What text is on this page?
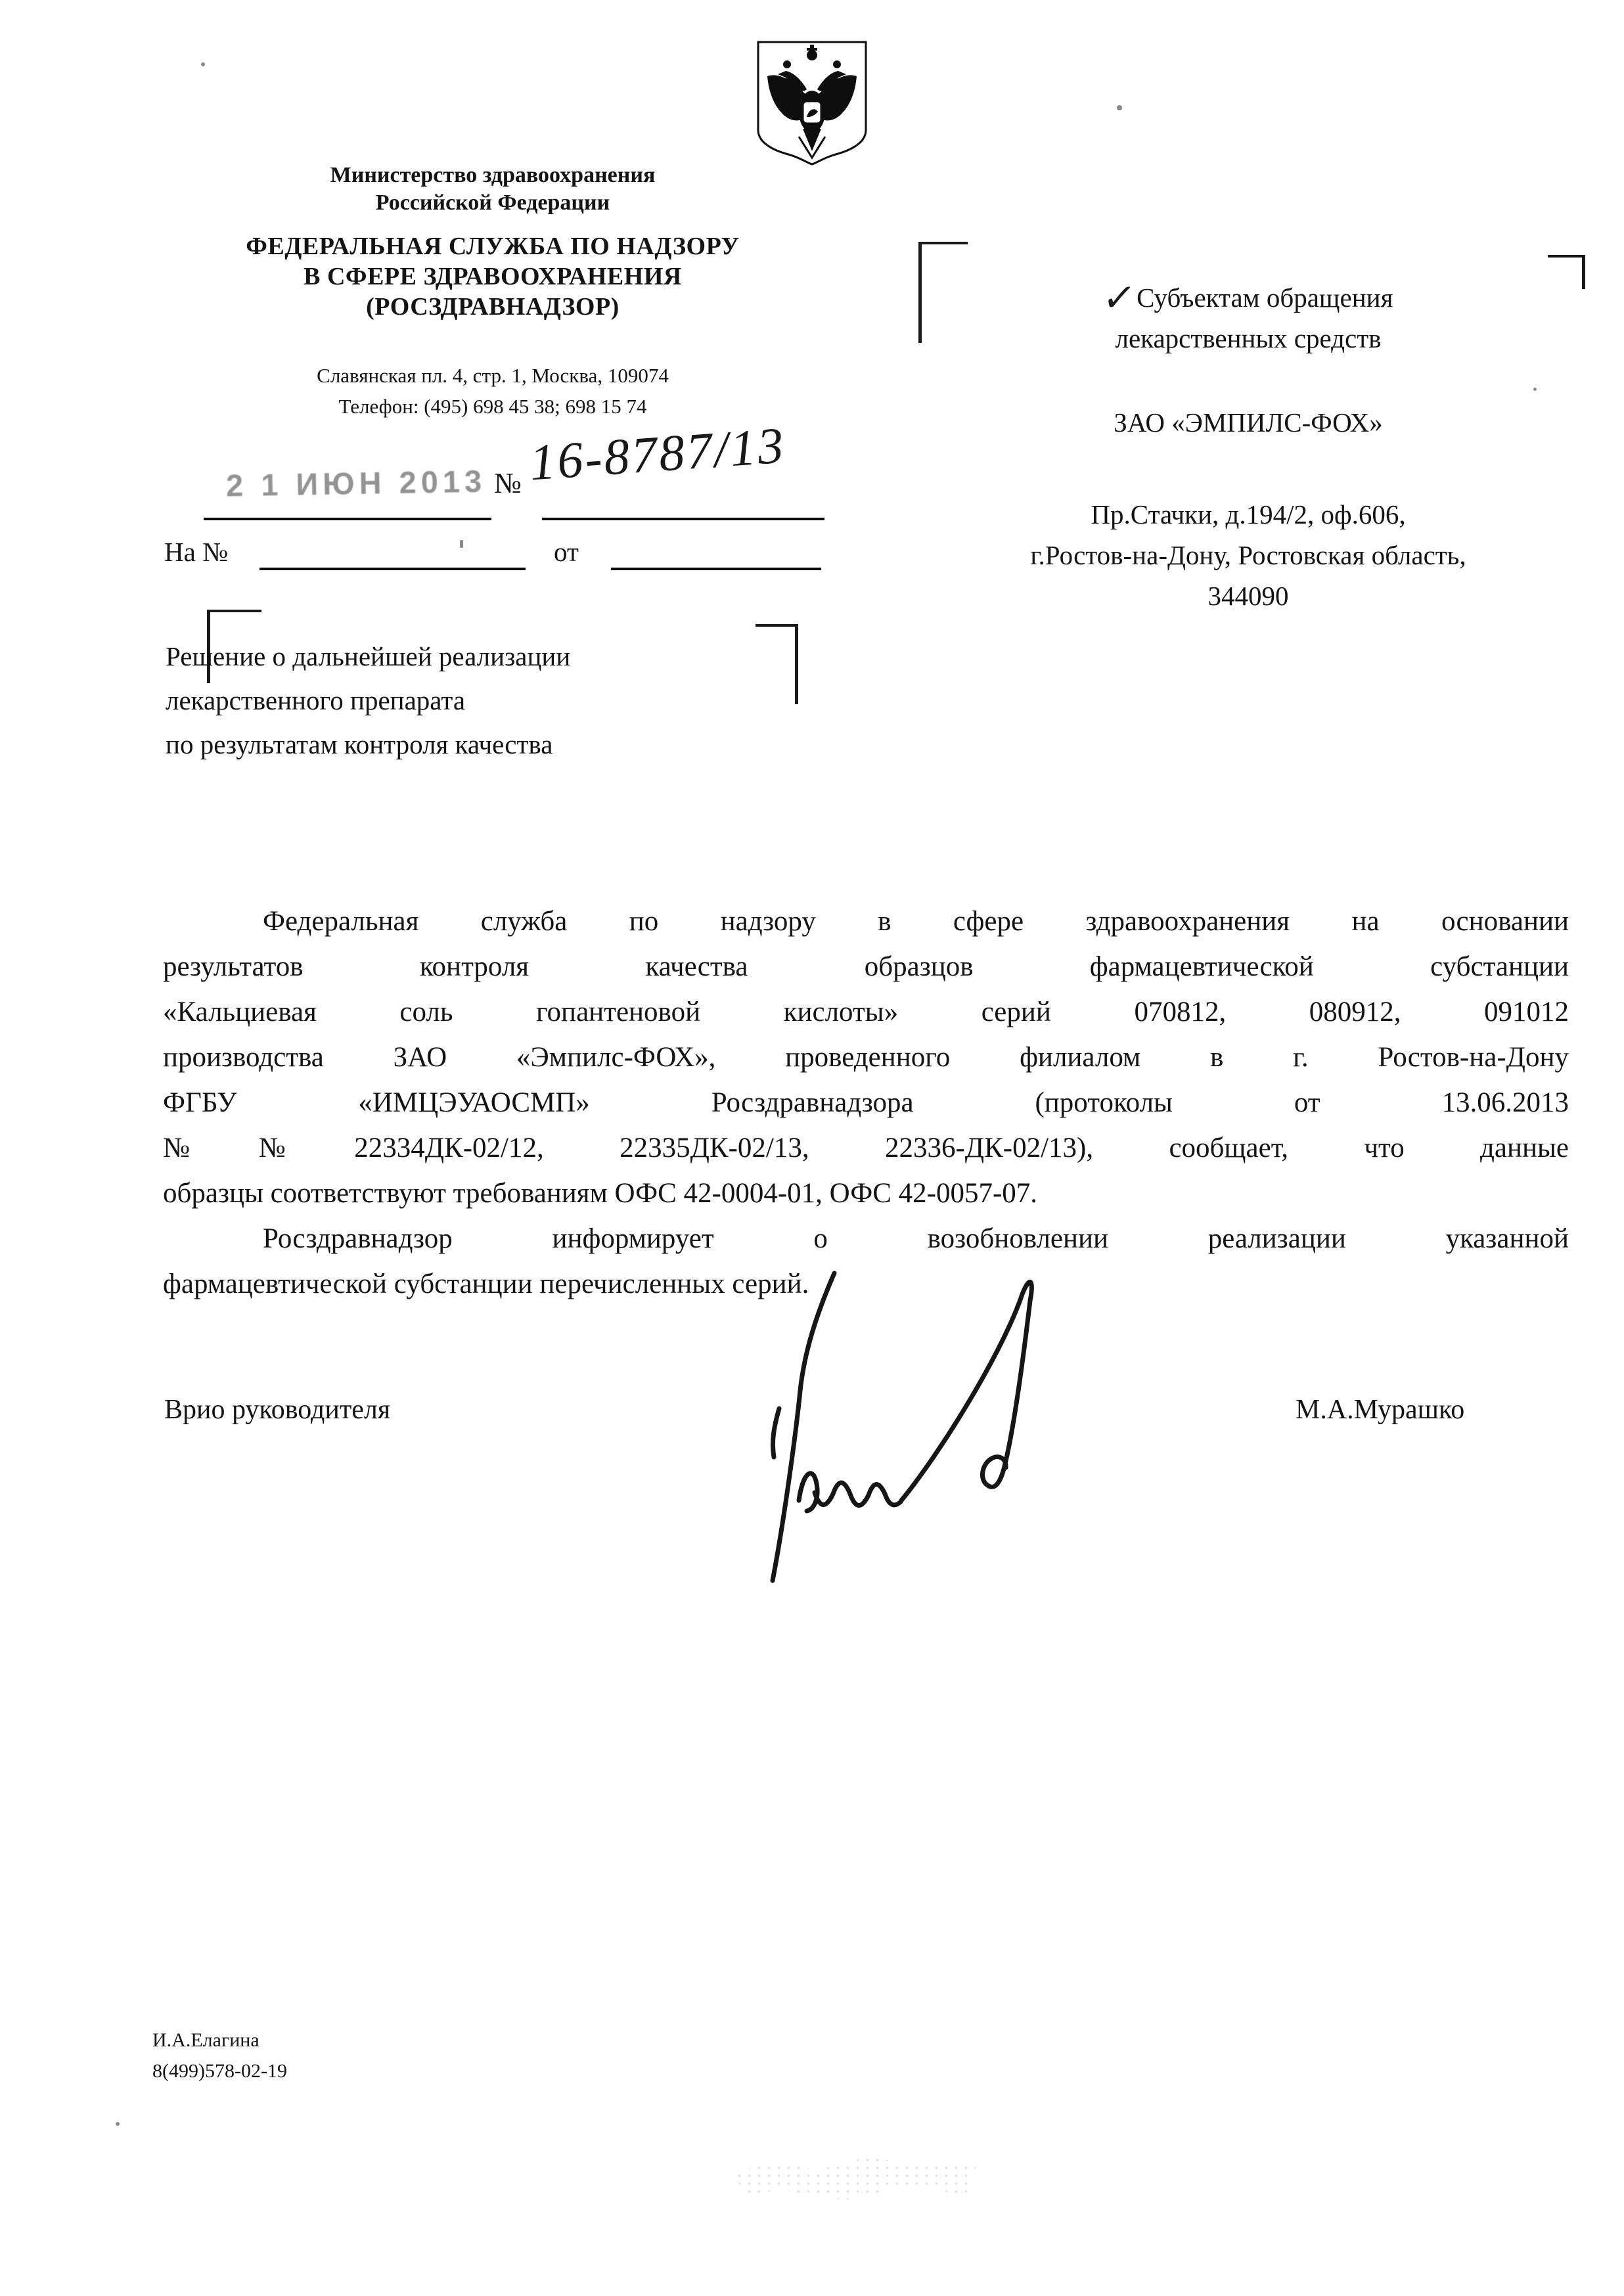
Министерство здравоохранения
Российской Федерации
ФЕДЕРАЛЬНАЯ СЛУЖБА ПО НАДЗОРУ
В СФЕРЕ ЗДРАВООХРАНЕНИЯ
(РОСЗДРАВНАДЗОР)
Славянская пл. 4, стр. 1, Москва, 109074
Телефон: (495) 698 45 38; 698 15 74
2 1 ИЮН 2013 № 16-8787/13
На №	от
✓Субъектам обращения
лекарственных средств
ЗАО «ЭМПИЛС-ФОХ»
Пр.Стачки, д.194/2, оф.606,
г.Ростов-на-Дону, Ростовская область,
344090
Решение о дальнейшей реализации
лекарственного препарата
по результатам контроля качества
Федеральная служба по надзору в сфере здравоохранения на основании
результатов контроля качества образцов фармацевтической субстанции
«Кальциевая соль гопантеновой кислоты» серий 070812, 080912, 091012
производства ЗАО «Эмпилс-ФОХ», проведенного филиалом в г. Ростов-на-Дону
ФГБУ «ИМЦЭУАОСМП» Росздравнадзора (протоколы от 13.06.2013
№№22334ДК-02/12, 22335ДК-02/13, 22336-ДК-02/13), сообщает, что данные
образцы соответствуют требованиям ОФС 42-0004-01, ОФС 42-0057-07.
Росздравнадзор информирует о возобновлении реализации указанной
фармацевтической субстанции перечисленных серий.
Врио руководителя	М.А.Мурашко
И.А.Елагина
8(499)578-02-19
